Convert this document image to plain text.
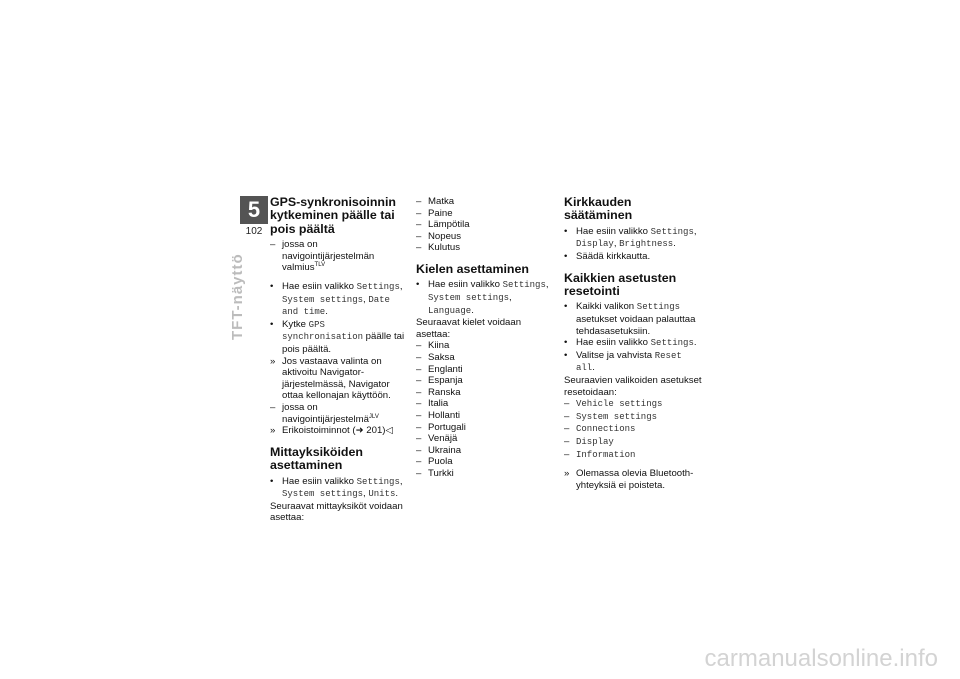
5
102
TFT-näyttö
GPS-synkronisoinnin kytkeminen päälle tai pois päältä
– jossa on navigointijärjestelmän valmius$^{TLV}$
• Hae esiin valikko Settings, System settings, Date and time.
• Kytke GPS synchronisation päälle tai pois päältä.
» Jos vastaava valinta on aktivoitu Navigator-järjestelmässä, Navigator ottaa kellonajan käyttöön.
– jossa on navigointijärjestelmä$^{JLV}$
» Erikoistoiminnot (➜ 201)◁
Mittayksiköiden asettaminen
• Hae esiin valikko Settings, System settings, Units.

Seuraavat mittayksiköt voidaan asettaa:

– Matka
– Paine
– Lämpötila
– Nopeus
– Kulutus
Kielen asettaminen
• Hae esiin valikko Settings, System settings, Language.

Seuraavat kielet voidaan asettaa:

– Kiina
– Saksa
– Englanti
– Espanja
– Ranska
– Italia
– Hollanti
– Portugali
– Venäjä
– Ukraina
– Puola
– Turkki
Kirkkauden säätäminen
• Hae esiin valikko Settings, Display, Brightness.
• Säädä kirkkautta.
Kaikkien asetusten resetointi
• Kaikki valikon Settings asetukset voidaan palauttaa tehdasasetuksiin.
• Hae esiin valikko Settings.
• Valitse ja vahvista Reset all.

Seuraavien valikoiden asetukset resetoidaan:

– Vehicle settings
– System settings
– Connections
– Display
– Information
» Olemassa olevia Bluetooth-yhteyksiä ei poisteta.
carmanualsonline.info
